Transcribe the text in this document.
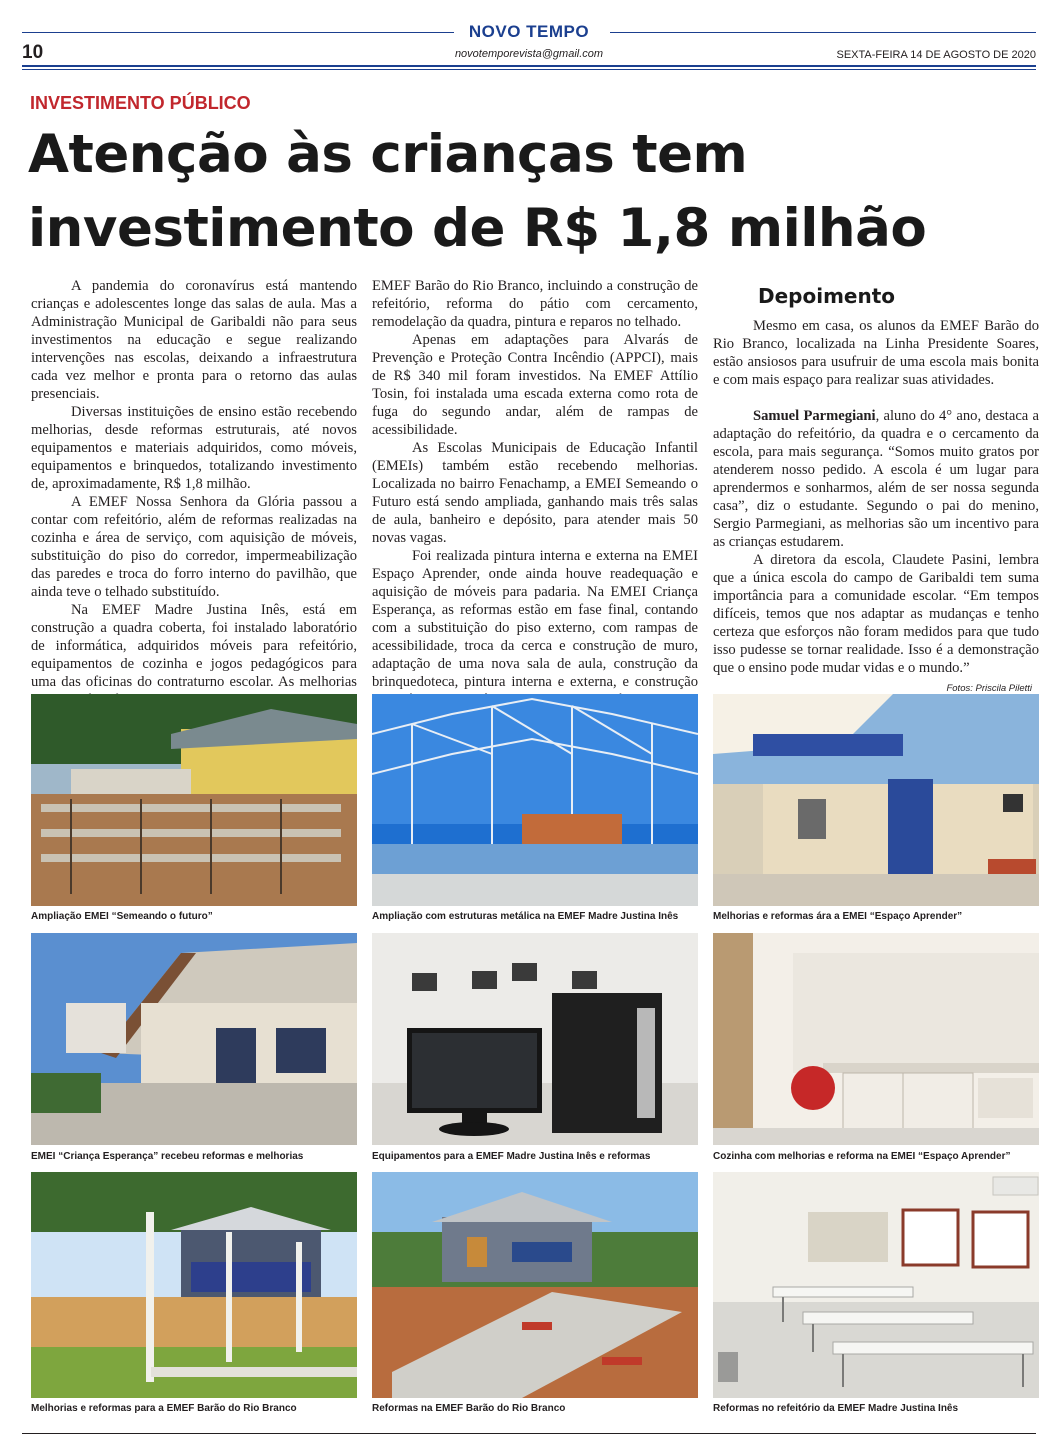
10
NOVO TEMPO
novotemporevista@gmail.com	SEXTA-FEIRA 14 DE AGOSTO DE 2020
INVESTIMENTO PÚBLICO
Atenção às crianças tem
investimento de R$ 1,8 milhão

A pandemia do coronavírus está mantendo crianças e adolescentes longe das salas de aula. Mas a Administração Municipal de Garibaldi não para seus investimentos na educação e segue realizando intervenções nas escolas, deixando a infraestrutura cada vez melhor e pronta para o retorno das aulas presenciais.

Diversas instituições de ensino estão recebendo melhorias, desde reformas estruturais, até novos equipamentos e materiais adquiridos, como móveis, equipamentos e brinquedos, totalizando investimento de, aproximadamente, R$ 1,8 milhão.

A EMEF Nossa Senhora da Glória passou a contar com refeitório, além de reformas realizadas na cozinha e área de serviço, com aquisição de móveis, substituição do piso do corredor, impermeabilização das paredes e troca do forro interno do pavilhão, que ainda teve o telhado substituído.

Na EMEF Madre Justina Inês, está em construção a quadra coberta, foi instalado laboratório de informática, adquiridos móveis para refeitório, equipamentos de cozinha e jogos pedagógicos para uma das oficinas do contraturno escolar. As melhorias

EMEF Barão do Rio Branco, incluindo a construção de refeitório, reforma do pátio com cercamento, remodelação da quadra, pintura e reparos no telhado.

Apenas em adaptações para Alvarás de Prevenção e Proteção Contra Incêndio (APPCI), mais de R$ 340 mil foram investidos. Na EMEF Attílio Tosin, foi instalada uma escada externa como rota de fuga do segundo andar, além de rampas de acessibilidade.

As Escolas Municipais de Educação Infantil (EMEIs) também estão recebendo melhorias. Localizada no bairro Fenachamp, a EMEI Semeando o Futuro está sendo ampliada, ganhando mais três salas de aula, banheiro e depósito, para atender mais 50 novas vagas.

Foi realizada pintura interna e externa na EMEI Espaço Aprender, onde ainda houve readequação e aquisição de móveis para padaria. Na EMEI Criança Esperança, as reformas estão em fase final, contando com a substituição do piso externo, com rampas de acessibilidade, troca da cerca e construção de muro, adaptação de uma nova sala de aula, construção da brinquedoteca, pintura interna e externa, e construção

Depoimento

Mesmo em casa, os alunos da EMEF Barão do Rio Branco, localizada na Linha Presidente Soares, estão ansiosos para usufruir de uma escola mais bonita e com mais espaço para realizar suas atividades.

Samuel Parmegiani, aluno do 4° ano, destaca a adaptação do refeitório, da quadra e o cercamento da escola, para mais segurança. “Somos muito gratos por atenderem nosso pedido. A escola é um lugar para aprendermos e sonharmos, além de ser nossa segunda casa”, diz o estudante. Segundo o pai do menino, Sergio Parmegiani, as melhorias são um incentivo para as crianças estudarem.

A diretora da escola, Claudete Pasini, lembra que a única escola do campo de Garibaldi tem suma importância para a comunidade escolar. “Em tempos difíceis, temos que nos adaptar as mudanças e tenho certeza que esforços não foram medidos para que tudo isso pudesse se tornar realidade. Isso é a demonstração que o ensino pode mudar vidas e o mundo.”

Fotos: Priscila Piletti
Ampliação EMEI “Semeando o futuro”	Ampliação com estruturas metálica na EMEF Madre Justina Inês	Melhorias e reformas ára a EMEI “Espaço Aprender”
EMEI “Criança Esperança” recebeu reformas e melhorias	Equipamentos para a EMEF Madre Justina Inês e reformas	Cozinha com melhorias e reforma na EMEI “Espaço Aprender”
Melhorias e reformas para a EMEF Barão do Rio Branco	Reformas na EMEF Barão do Rio Branco	Reformas no refeitório da EMEF Madre Justina Inês
